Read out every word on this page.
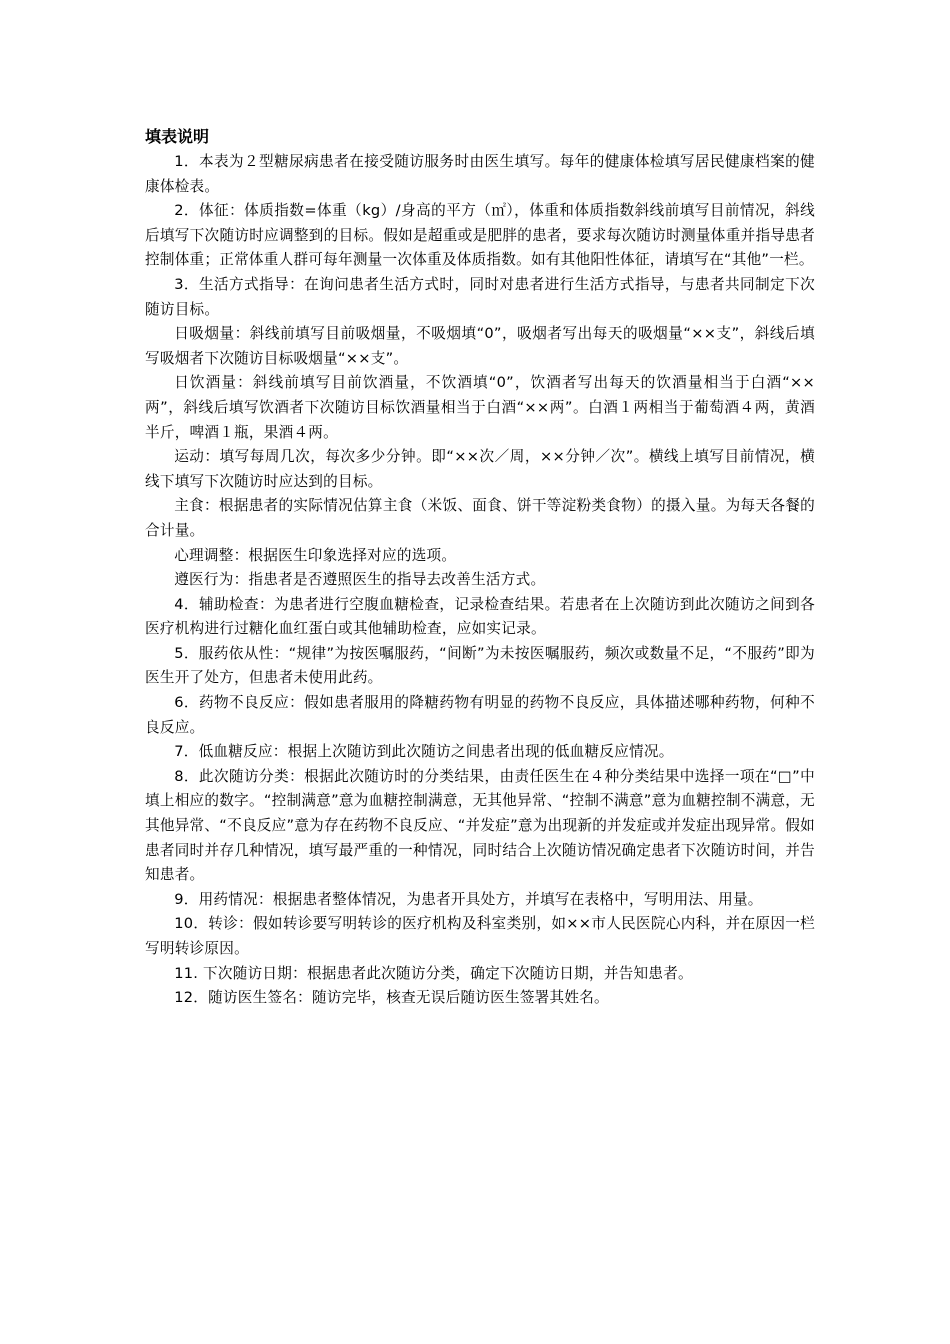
填表说明

1．本表为２型糖尿病患者在接受随访服务时由医生填写。每年的健康体检填写居民健康档案的健康体检表。

2．体征：体质指数=体重（kg）/身高的平方（㎡），体重和体质指数斜线前填写目前情况，斜线后填写下次随访时应调整到的目标。假如是超重或是肥胖的患者，要求每次随访时测量体重并指导患者控制体重；正常体重人群可每年测量一次体重及体质指数。如有其他阳性体征，请填写在“其他”一栏。

3．生活方式指导：在询问患者生活方式时，同时对患者进行生活方式指导，与患者共同制定下次随访目标。

日吸烟量：斜线前填写目前吸烟量，不吸烟填“0”，吸烟者写出每天的吸烟量“××支”，斜线后填写吸烟者下次随访目标吸烟量“××支”。

日饮酒量：斜线前填写目前饮酒量，不饮酒填“0”，饮酒者写出每天的饮酒量相当于白酒“××两”，斜线后填写饮酒者下次随访目标饮酒量相当于白酒“××两”。白酒１两相当于葡萄酒４两，黄酒半斤，啤酒１瓶，果酒４两。

运动：填写每周几次，每次多少分钟。即“××次／周，××分钟／次”。横线上填写目前情况，横线下填写下次随访时应达到的目标。

主食：根据患者的实际情况估算主食（米饭、面食、饼干等淀粉类食物）的摄入量。为每天各餐的合计量。

心理调整：根据医生印象选择对应的选项。

遵医行为：指患者是否遵照医生的指导去改善生活方式。

4．辅助检查：为患者进行空腹血糖检查，记录检查结果。若患者在上次随访到此次随访之间到各医疗机构进行过糖化血红蛋白或其他辅助检查，应如实记录。

5．服药依从性：“规律”为按医嘱服药，“间断”为未按医嘱服药，频次或数量不足，“不服药”即为医生开了处方，但患者未使用此药。

6．药物不良反应：假如患者服用的降糖药物有明显的药物不良反应，具体描述哪种药物，何种不良反应。

7．低血糖反应：根据上次随访到此次随访之间患者出现的低血糖反应情况。

8．此次随访分类：根据此次随访时的分类结果，由责任医生在４种分类结果中选择一项在“□”中填上相应的数字。“控制满意”意为血糖控制满意，无其他异常、“控制不满意”意为血糖控制不满意，无其他异常、“不良反应”意为存在药物不良反应、“并发症”意为出现新的并发症或并发症出现异常。假如患者同时并存几种情况，填写最严重的一种情况，同时结合上次随访情况确定患者下次随访时间，并告知患者。

9．用药情况：根据患者整体情况，为患者开具处方，并填写在表格中，写明用法、用量。

10．转诊：假如转诊要写明转诊的医疗机构及科室类别，如××市人民医院心内科，并在原因一栏写明转诊原因。

11. 下次随访日期：根据患者此次随访分类，确定下次随访日期，并告知患者。

12．随访医生签名：随访完毕，核查无误后随访医生签署其姓名。
